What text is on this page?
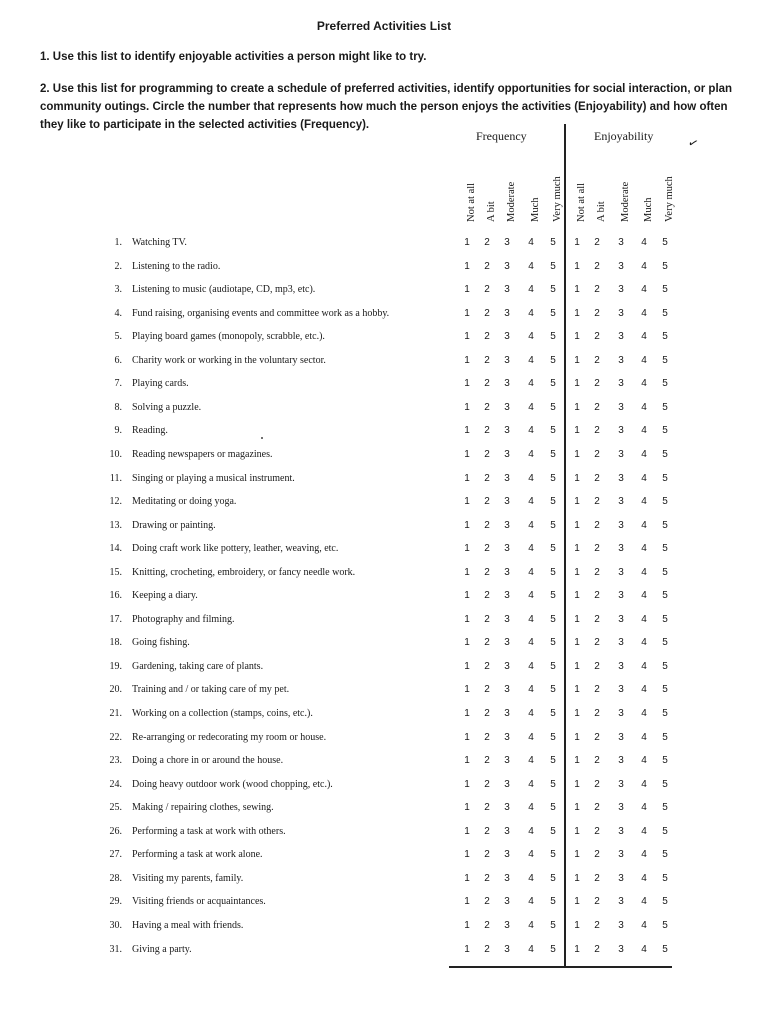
Preferred Activities List
1. Use this list to identify enjoyable activities a person might like to try.
2. Use this list for programming to create a schedule of preferred activities, identify opportunities for social interaction, or plan community outings. Circle the number that represents how much the person enjoys the activities (Enjoyability) and how often they like to participate in the selected activities (Frequency).
Frequency	Enjoyability	✓
Not at all A bit Moderate Much Very much Not at all A bit Moderate Much Very much
1. Watching TV.	1	2	3	4	5	1	2	3	4	5
2. Listening to the radio.	1	2	3	4	5	1	2	3	4	5
3. Listening to music (audiotape, CD, mp3, etc).	1	2	3	4	5	1	2	3	4	5
4. Fund raising, organising events and committee work as a hobby.	1	2	3	4	5	1	2	3	4	5
5. Playing board games (monopoly, scrabble, etc.).	1	2	3	4	5	1	2	3	4	5
6. Charity work or working in the voluntary sector.	1	2	3	4	5	1	2	3	4	5
7. Playing cards.	1	2	3	4	5	1	2	3	4	5
8. Solving a puzzle.	1	2	3	4	5	1	2	3	4	5
9. Reading.	1	2	3	4	5	1	2	3	4	5
10. Reading newspapers or magazines.	1	2	3	4	5	1	2	3	4	5
11. Singing or playing a musical instrument.	1	2	3	4	5	1	2	3	4	5
12. Meditating or doing yoga.	1	2	3	4	5	1	2	3	4	5
13. Drawing or painting.	1	2	3	4	5	1	2	3	4	5
14. Doing craft work like pottery, leather, weaving, etc.	1	2	3	4	5	1	2	3	4	5
15. Knitting, crocheting, embroidery, or fancy needle work.	1	2	3	4	5	1	2	3	4	5
16. Keeping a diary.	1	2	3	4	5	1	2	3	4	5
17. Photography and filming.	1	2	3	4	5	1	2	3	4	5
18. Going fishing.	1	2	3	4	5	1	2	3	4	5
19. Gardening, taking care of plants.	1	2	3	4	5	1	2	3	4	5
20. Training and / or taking care of my pet.	1	2	3	4	5	1	2	3	4	5
21. Working on a collection (stamps, coins, etc.).	1	2	3	4	5	1	2	3	4	5
22. Re-arranging or redecorating my room or house.	1	2	3	4	5	1	2	3	4	5
23. Doing a chore in or around the house.	1	2	3	4	5	1	2	3	4	5
24. Doing heavy outdoor work (wood chopping, etc.).	1	2	3	4	5	1	2	3	4	5
25. Making / repairing clothes, sewing.	1	2	3	4	5	1	2	3	4	5
26. Performing a task at work with others.	1	2	3	4	5	1	2	3	4	5
27. Performing a task at work alone.	1	2	3	4	5	1	2	3	4	5
28. Visiting my parents, family.	1	2	3	4	5	1	2	3	4	5
29. Visiting friends or acquaintances.	1	2	3	4	5	1	2	3	4	5
30. Having a meal with friends.	1	2	3	4	5	1	2	3	4	5
31. Giving a party.	1	2	3	4	5	1	2	3	4	5
